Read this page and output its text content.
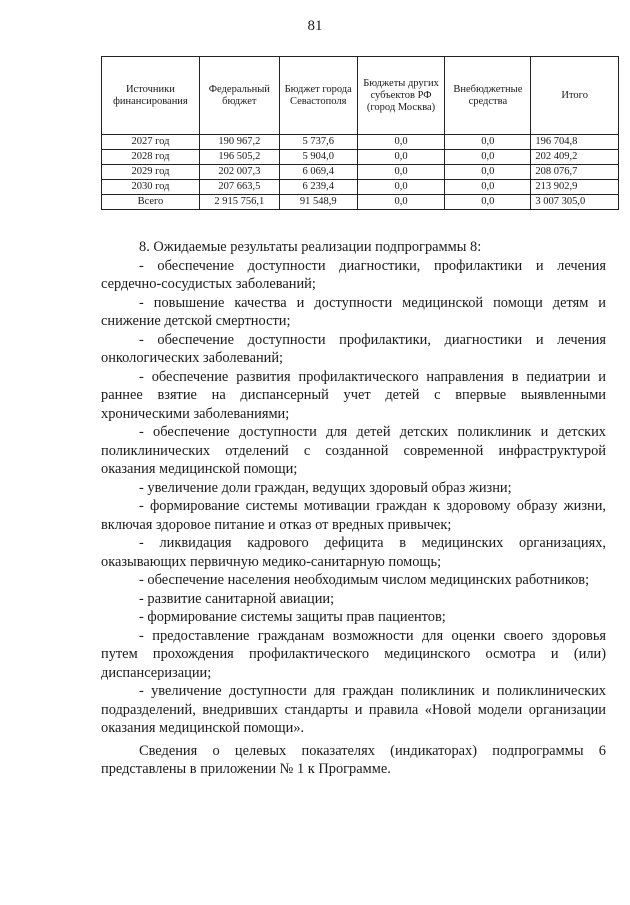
81
Источники финансирования	Федеральный бюджет	Бюджет города Севастополя	Бюджеты других субъектов РФ (город Москва)	Внебюджетные средства	Итого
2027 год	190 967,2	5 737,6	0,0	0,0	196 704,8
2028 год	196 505,2	5 904,0	0,0	0,0	202 409,2
2029 год	202 007,3	6 069,4	0,0	0,0	208 076,7
2030 год	207 663,5	6 239,4	0,0	0,0	213 902,9
Всего	2 915 756,1	91 548,9	0,0	0,0	3 007 305,0

8. Ожидаемые результаты реализации подпрограммы 8:

- обеспечение доступности диагностики, профилактики и лечения сердечно-сосудистых заболеваний;

- повышение качества и доступности медицинской помощи детям и снижение детской смертности;

- обеспечение доступности профилактики, диагностики и лечения онкологических заболеваний;

- обеспечение развития профилактического направления в педиатрии и раннее взятие на диспансерный учет детей с впервые выявленными хроническими заболеваниями;

- обеспечение доступности для детей детских поликлиник и детских поликлинических отделений с созданной современной инфраструктурой оказания медицинской помощи;

- увеличение доли граждан, ведущих здоровый образ жизни;

- формирование системы мотивации граждан к здоровому образу жизни, включая здоровое питание и отказ от вредных привычек;

- ликвидация кадрового дефицита в медицинских организациях, оказывающих первичную медико-санитарную помощь;

- обеспечение населения необходимым числом медицинских работников;

- развитие санитарной авиации;

- формирование системы защиты прав пациентов;

- предоставление гражданам возможности для оценки своего здоровья путем прохождения профилактического медицинского осмотра и (или) диспансеризации;

- увеличение доступности для граждан поликлиник и поликлинических подразделений, внедривших стандарты и правила «Новой модели организации оказания медицинской помощи».

Сведения о целевых показателях (индикаторах) подпрограммы 6 представлены в приложении № 1 к Программе.
